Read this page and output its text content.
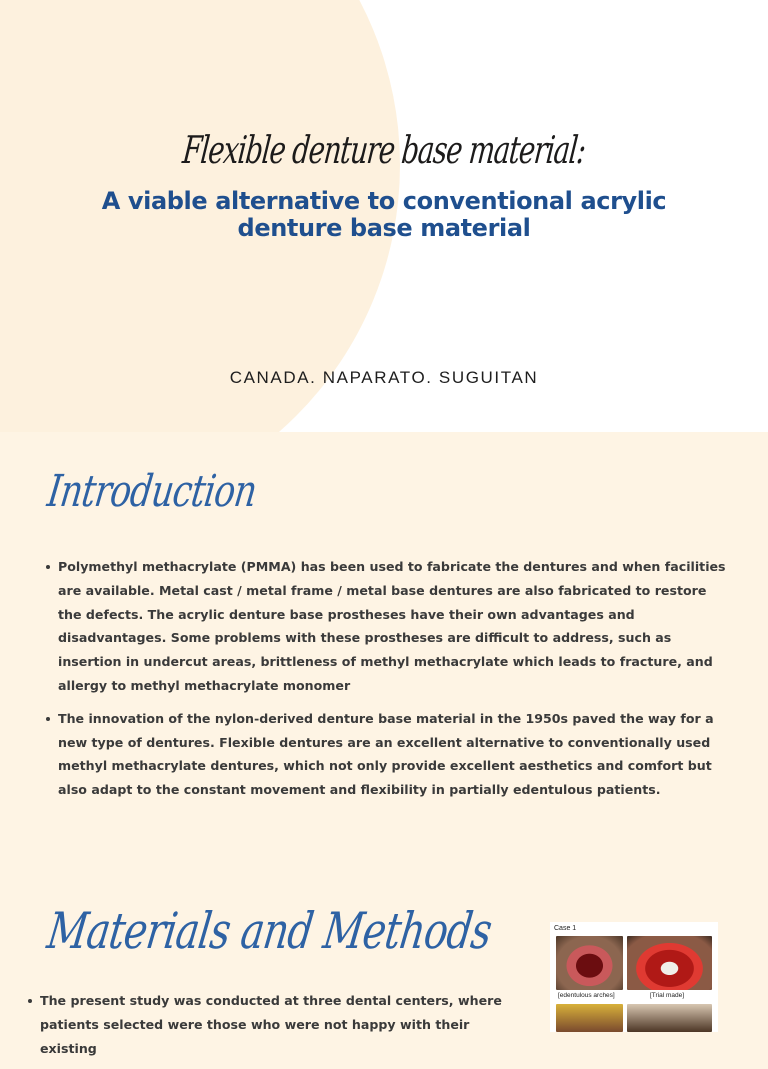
Flexible denture base material:
A viable alternative to conventional acrylic denture base material
CANADA. NAPARATO. SUGUITAN
Introduction
Polymethyl methacrylate (PMMA) has been used to fabricate the dentures and when facilities are available. Metal cast / metal frame / metal base dentures are also fabricated to restore the defects. The acrylic denture base prostheses have their own advantages and disadvantages. Some problems with these prostheses are difficult to address, such as insertion in undercut areas, brittleness of methyl methacrylate which leads to fracture, and allergy to methyl methacrylate monomer
The innovation of the nylon-derived denture base material in the 1950s paved the way for a new type of dentures. Flexible dentures are an excellent alternative to conventionally used methyl methacrylate dentures, which not only provide excellent aesthetics and comfort but also adapt to the constant movement and flexibility in partially edentulous patients.
Materials and Methods
The present study was conducted at three dental centers, where patients selected were those who were not happy with their existing
Case 1
[edentulous arches]	[Trial made]
